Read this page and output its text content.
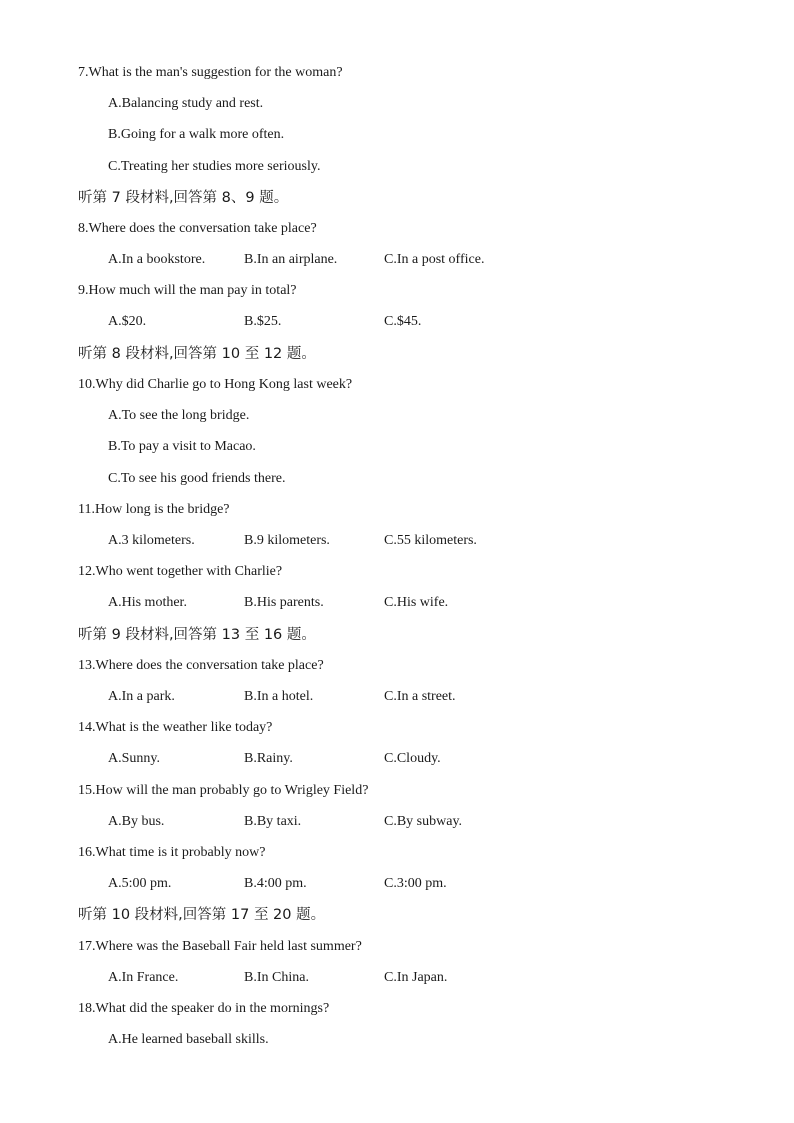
7.What is the man's suggestion for the woman?
A.Balancing study and rest.
B.Going for a walk more often.
C.Treating her studies more seriously.
听第 7 段材料,回答第 8、9 题。
8.Where does the conversation take place?
A.In a bookstore.	B.In an airplane.	C.In a post office.
9.How much will the man pay in total?
A.$20.	B.$25.	C.$45.
听第 8 段材料,回答第 10 至 12 题。
10.Why did Charlie go to Hong Kong last week?
A.To see the long bridge.
B.To pay a visit to Macao.
C.To see his good friends there.
11.How long is the bridge?
A.3 kilometers.	B.9 kilometers.	C.55 kilometers.
12.Who went together with Charlie?
A.His mother.	B.His parents.	C.His wife.
听第 9 段材料,回答第 13 至 16 题。
13.Where does the conversation take place?
A.In a park.	B.In a hotel.	C.In a street.
14.What is the weather like today?
A.Sunny.	B.Rainy.	C.Cloudy.
15.How will the man probably go to Wrigley Field?
A.By bus.	B.By taxi.	C.By subway.
16.What time is it probably now?
A.5:00 pm.	B.4:00 pm.	C.3:00 pm.
听第 10 段材料,回答第 17 至 20 题。
17.Where was the Baseball Fair held last summer?
A.In France.	B.In China.	C.In Japan.
18.What did the speaker do in the mornings?
A.He learned baseball skills.
